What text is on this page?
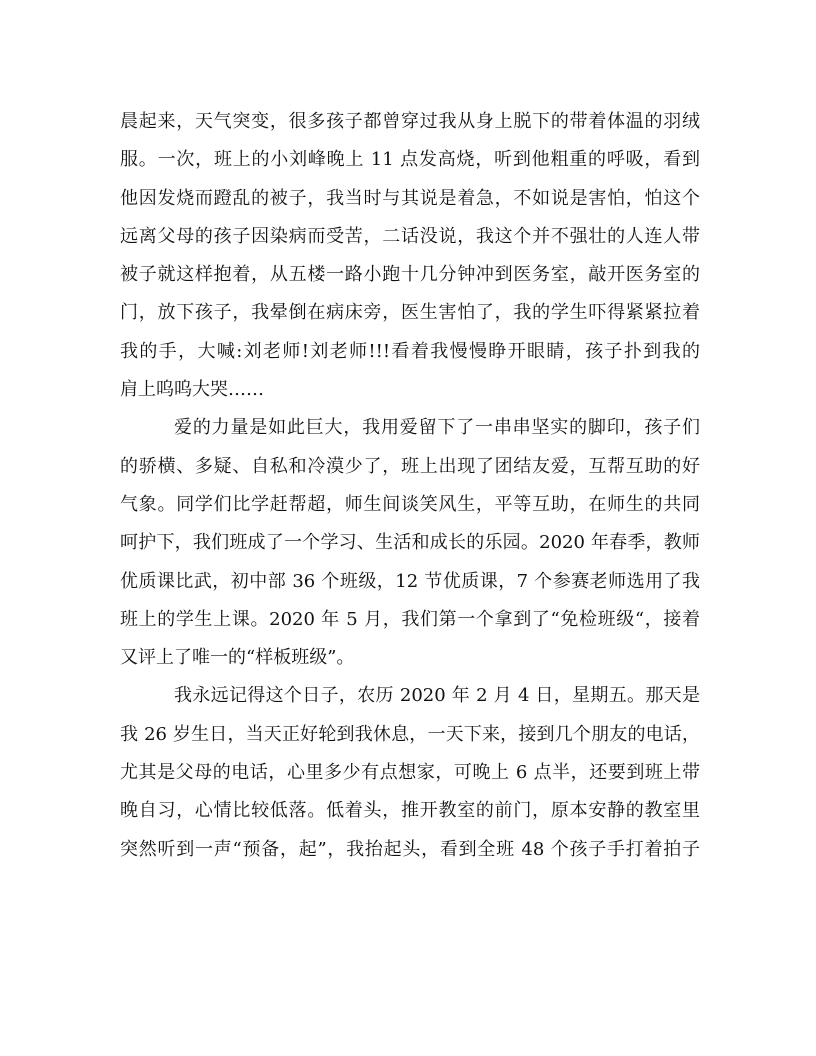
晨起来，天气突变，很多孩子都曾穿过我从身上脱下的带着体温的羽绒
服。一次，班上的小刘峰晚上 11 点发高烧，听到他粗重的呼吸，看到
他因发烧而蹬乱的被子，我当时与其说是着急，不如说是害怕，怕这个
远离父母的孩子因染病而受苦，二话没说，我这个并不强壮的人连人带
被子就这样抱着，从五楼一路小跑十几分钟冲到医务室，敲开医务室的
门，放下孩子，我晕倒在病床旁，医生害怕了，我的学生吓得紧紧拉着
我的手，大喊:刘老师!刘老师!!!看着我慢慢睁开眼睛，孩子扑到我的
肩上呜呜大哭……
爱的力量是如此巨大，我用爱留下了一串串坚实的脚印，孩子们
的骄横、多疑、自私和冷漠少了，班上出现了团结友爱，互帮互助的好
气象。同学们比学赶帮超，师生间谈笑风生，平等互助，在师生的共同
呵护下，我们班成了一个学习、生活和成长的乐园。2020 年春季，教师
优质课比武，初中部 36 个班级，12 节优质课，7 个参赛老师选用了我
班上的学生上课。2020 年 5 月，我们第一个拿到了“免检班级“，接着
又评上了唯一的“样板班级”。
我永远记得这个日子，农历 2020 年 2 月 4 日，星期五。那天是
我 26 岁生日，当天正好轮到我休息，一天下来，接到几个朋友的电话，
尤其是父母的电话，心里多少有点想家，可晚上 6 点半，还要到班上带
晚自习，心情比较低落。低着头，推开教室的前门，原本安静的教室里
突然听到一声“预备，起”，我抬起头，看到全班 48 个孩子手打着拍子
